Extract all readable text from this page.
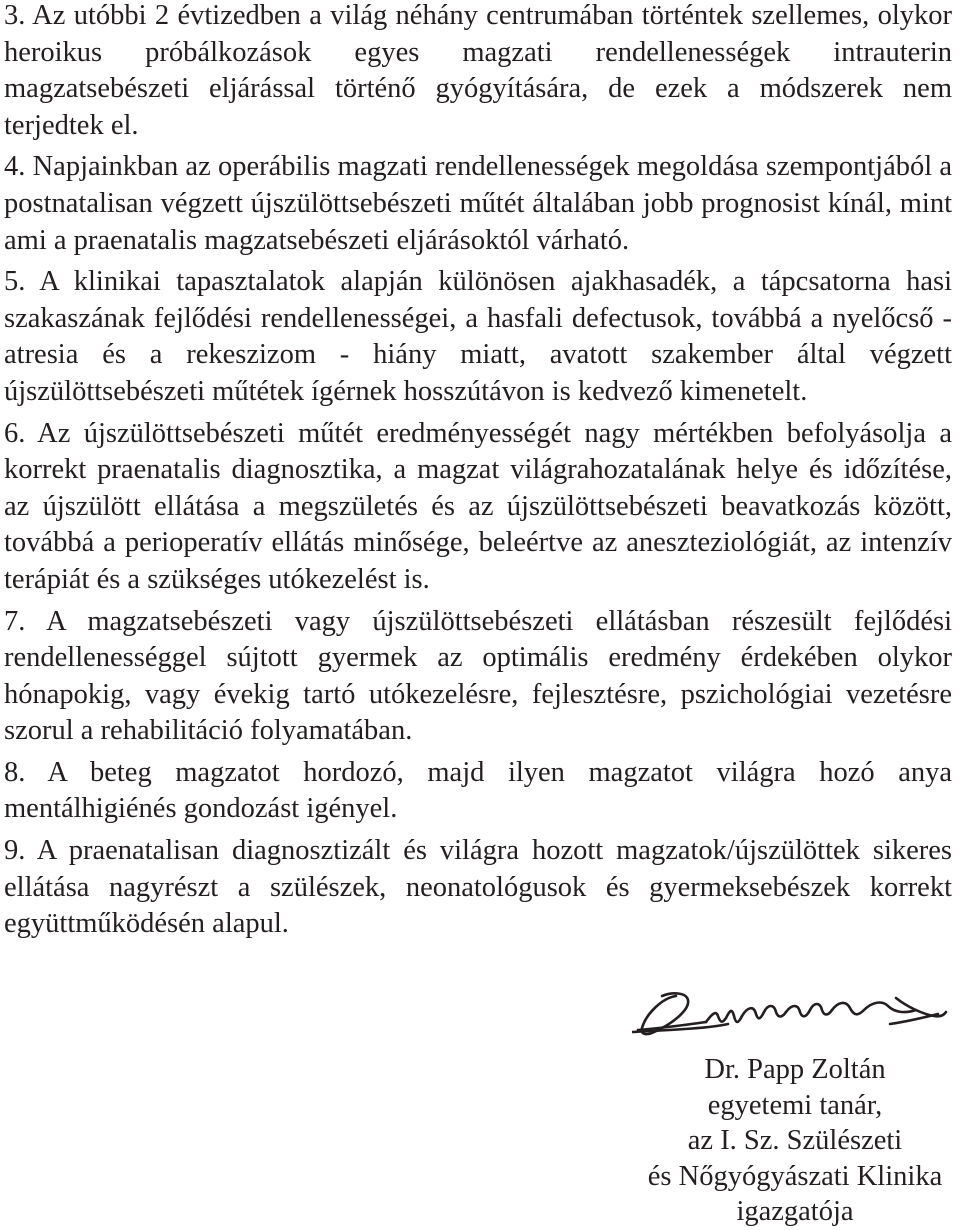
3. Az utóbbi 2 évtizedben a világ néhány centrumában történtek szellemes, olykor heroikus próbálkozások egyes magzati rendellenességek intrauterin magzatsebészeti eljárással történő gyógyítására, de ezek a módszerek nem terjedtek el.

4. Napjainkban az operábilis magzati rendellenességek megoldása szempontjából a postnatalisan végzett újszülöttsebészeti műtét általában jobb prognosist kínál, mint ami a praenatalis magzatsebészeti eljárásoktól várható.

5. A klinikai tapasztalatok alapján különösen ajakhasadék, a tápcsatorna hasi szakaszának fejlődési rendellenességei, a hasfali defectusok, továbbá a nyelőcső - atresia és a rekeszizom - hiány miatt, avatott szakember által végzett újszülöttsebészeti műtétek ígérnek hosszútávon is kedvező kimenetelt.

6. Az újszülöttsebészeti műtét eredményességét nagy mértékben befolyásolja a korrekt praenatalis diagnosztika, a magzat világrahozatalának helye és időzítése, az újszülött ellátása a megszületés és az újszülöttsebészeti beavatkozás között, továbbá a perioperatív ellátás minősége, beleértve az aneszteziológiát, az intenzív terápiát és a szükséges utókezelést is.

7. A magzatsebészeti vagy újszülöttsebészeti ellátásban részesült fejlődési rendellenességgel sújtott gyermek az optimális eredmény érdekében olykor hónapokig, vagy évekig tartó utókezelésre, fejlesztésre, pszichológiai vezetésre szorul a rehabilitáció folyamatában.

8. A beteg magzatot hordozó, majd ilyen magzatot világra hozó anya mentálhigiénés gondozást igényel.

9. A praenatalisan diagnosztizált és világra hozott magzatok/újszülöttek sikeres ellátása nagyrészt a szülészek, neonatológusok és gyermeksebészek korrekt együttműködésén alapul.

Dr. Papp Zoltán
egyetemi tanár,
az I. Sz. Szülészeti
és Nőgyógyászati Klinika
igazgatója
